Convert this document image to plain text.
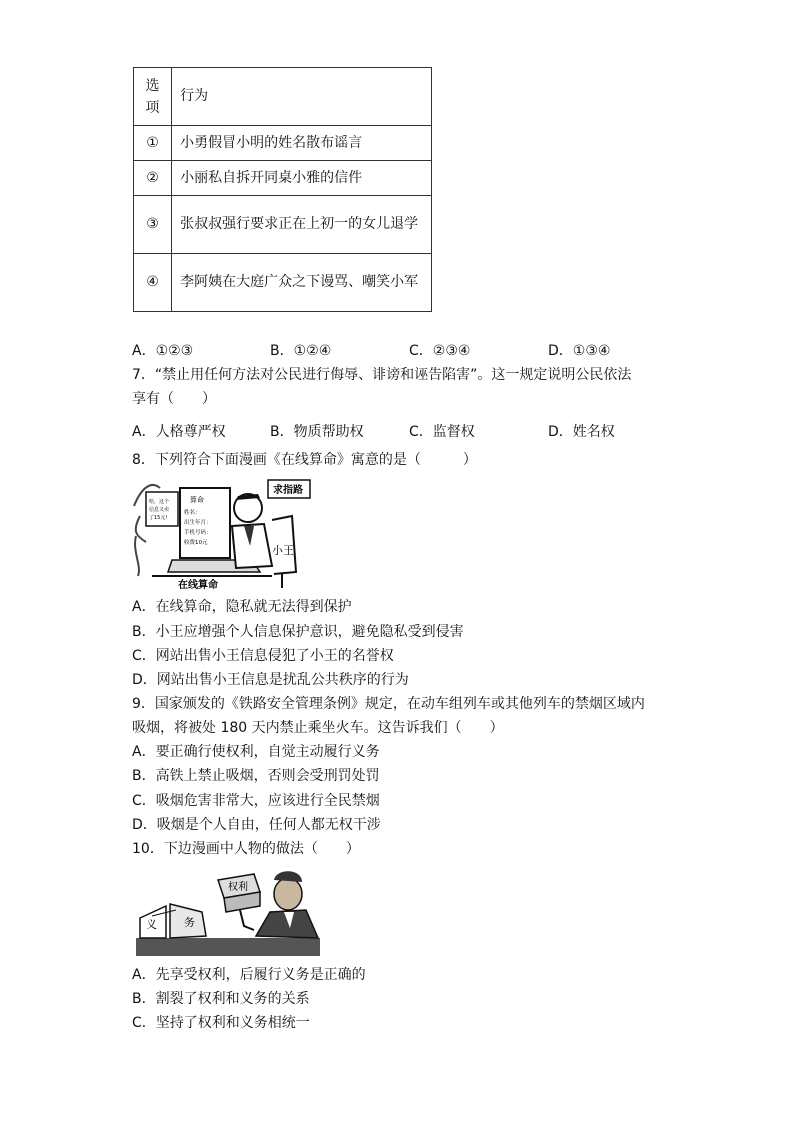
选
项	行为
①	小勇假冒小明的姓名散布谣言
②	小丽私自拆开同桌小雅的信件
③	张叔叔强行要求正在上初一的女儿退学
④	李阿姨在大庭广众之下谩骂、嘲笑小军
A．①②③	B．①②④	C．②③④	D．①③④
7．“禁止用任何方法对公民进行侮辱、诽谤和诬告陷害”。这一规定说明公民依法
享有（　　）
A．人格尊严权	B．物质帮助权	C．监督权	D．姓名权
8．下列符合下面漫画《在线算命》寓意的是（　　　）
算命
姓名：
出生年月：
手机号码：
收费10元
哈，这个
信息又卖
了15元!
小王
求指路
在线算命
A．在线算命，隐私就无法得到保护
B．小王应增强个人信息保护意识，避免隐私受到侵害
C．网站出售小王信息侵犯了小王的名誉权
D．网站出售小王信息是扰乱公共秩序的行为
9．国家颁发的《铁路安全管理条例》规定，在动车组列车或其他列车的禁烟区域内
吸烟，将被处 180 天内禁止乘坐火车。这告诉我们（　　）
A．要正确行使权利，自觉主动履行义务
B．高铁上禁止吸烟，否则会受刑罚处罚
C．吸烟危害非常大，应该进行全民禁烟
D．吸烟是个人自由，任何人都无权干涉
10．下边漫画中人物的做法（　　）
义 务
权利
A．先享受权利，后履行义务是正确的
B．割裂了权利和义务的关系
C．坚持了权利和义务相统一
